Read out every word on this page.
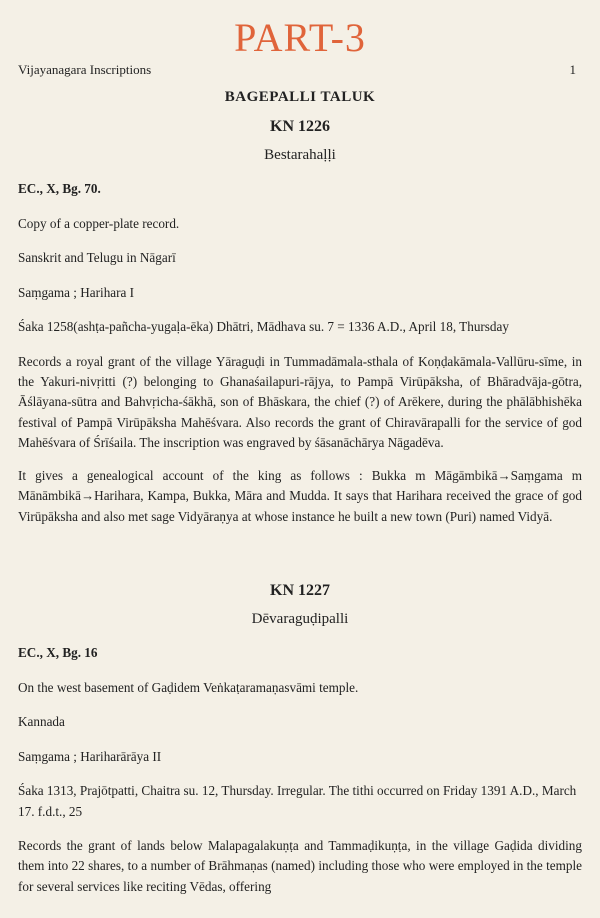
PART-3
Vijayanagara Inscriptions	1
BAGEPALLI TALUK
KN 1226
Bestarahaḷḷi
EC., X, Bg. 70.
Copy of a copper-plate record.
Sanskrit and Telugu in Nāgarī
Saṃgama ; Harihara I
Śaka 1258(ashṭa-pañcha-yugaḷa-ēka) Dhātri, Mādhava su. 7 = 1336 A.D., April 18, Thursday

Records a royal grant of the village Yāraguḍi in Tummadāmala-sthala of Koṇḍakāmala-Vallūru-sīme, in the Yakuri-nivṛitti (?) belonging to Ghanaśailapuri-rājya, to Pampā Virūpāksha, of Bhāradvāja-gōtra, Āślāyana-sūtra and Bahvṛicha-śākhā, son of Bhāskara, the chief (?) of Arēkere, during the phālābhishēka festival of Pampā Virūpāksha Mahēśvara. Also records the grant of Chiravārapalli for the service of god Mahēśvara of Śrīśaila. The inscription was engraved by śāsanāchārya Nāgadēva.

It gives a genealogical account of the king as follows : Bukka m Māgāmbikā→Saṃgama m Mānāmbikā→Harihara, Kampa, Bukka, Māra and Mudda. It says that Harihara received the grace of god Virūpāksha and also met sage Vidyāraṇya at whose instance he built a new town (Puri) named Vidyā.

KN 1227
Dēvaraguḍipalli
EC., X, Bg. 16
On the west basement of Gaḍidem Veṅkaṭaramaṇasvāmi temple.
Kannada
Saṃgama ; Hariharārāya II
Śaka 1313, Prajōtpatti, Chaitra su. 12, Thursday. Irregular. The tithi occurred on Friday 1391 A.D., March 17. f.d.t., 25

Records the grant of lands below Malapagalakuṇṭa and Tammaḍikuṇṭa, in the village Gaḍida dividing them into 22 shares, to a number of Brāhmaṇas (named) including those who were employed in the temple for several services like reciting Vēdas, offering
